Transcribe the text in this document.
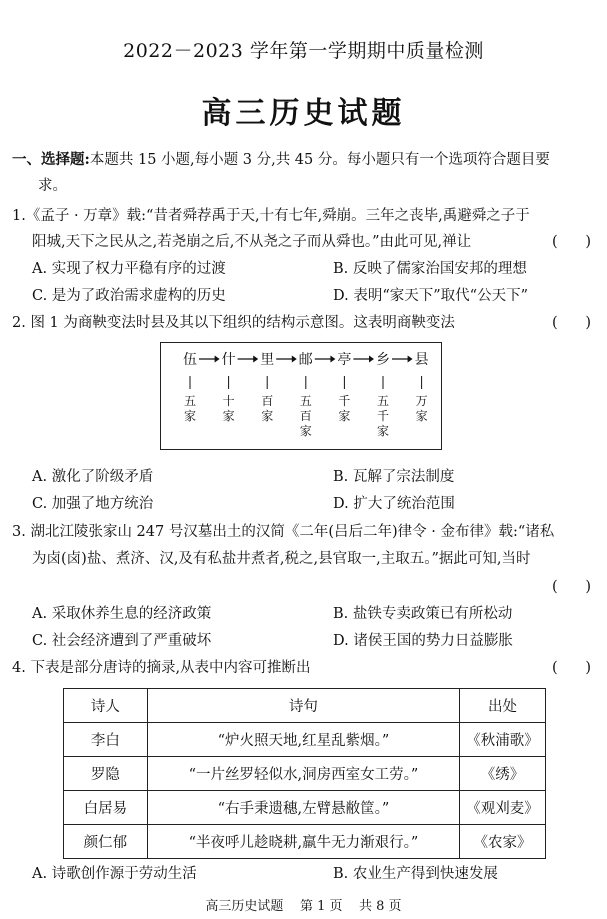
2022－2023 学年第一学期期中质量检测
高三历史试题
一、选择题:本题共 15 小题,每小题 3 分,共 45 分。每小题只有一个选项符合题目要
求。
1.《孟子 · 万章》载:“昔者舜荐禹于天,十有七年,舜崩。三年之丧毕,禹避舜之子于
阳城,天下之民从之,若尧崩之后,不从尧之子而从舜也。”由此可见,禅让	(      )
A. 实现了权力平稳有序的过渡	B. 反映了儒家治国安邦的理想
C. 是为了政治需求虚构的历史	D. 表明“家天下”取代“公天下”
2. 图 1 为商鞅变法时县及其以下组织的结构示意图。这表明商鞅变法	(      )
伍
五
家
什
十
家
里
百
家
邮
五
百
家
亭
千
家
乡
五
千
家
县
万
家
A. 激化了阶级矛盾	B. 瓦解了宗法制度
C. 加强了地方统治	D. 扩大了统治范围
3. 湖北江陵张家山 247 号汉墓出土的汉简《二年(吕后二年)律令 · 金布律》载:“诸私
为卤(卤)盐、煮济、汉,及有私盐井煮者,税之,县官取一,主取五。”据此可知,当时
(      )
A. 采取休养生息的经济政策	B. 盐铁专卖政策已有所松动
C. 社会经济遭到了严重破坏	D. 诸侯王国的势力日益膨胀
4. 下表是部分唐诗的摘录,从表中内容可推断出	(      )
诗人	诗句	出处
李白	“炉火照天地,红星乱紫烟。”	《秋浦歌》
罗隐	“一片丝罗轻似水,洞房西室女工劳。”	《绣》
白居易	“右手秉遗穗,左臂悬敝筐。”	《观刈麦》
颜仁郁	“半夜呼儿趁晓耕,羸牛无力渐艰行。”	《农家》
A. 诗歌创作源于劳动生活	B. 农业生产得到快速发展
高三历史试题    第 1 页    共 8 页
